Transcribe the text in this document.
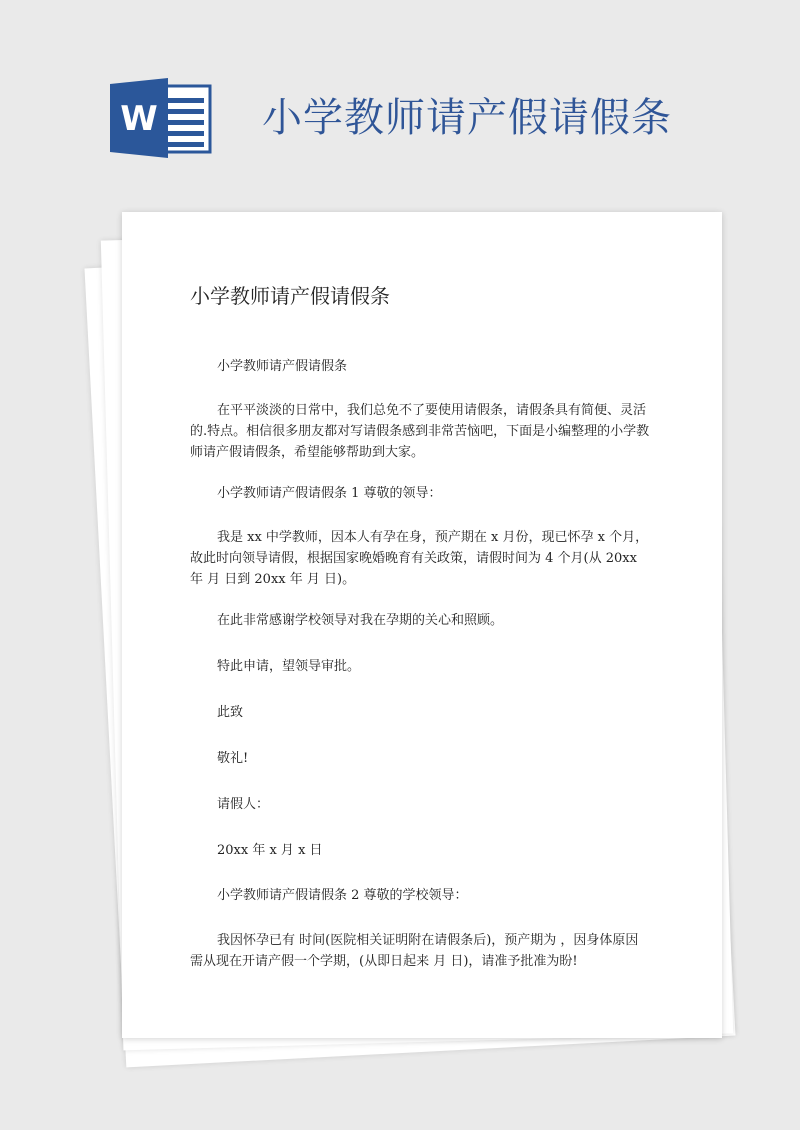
W	小学教师请产假请假条
小学教师请产假请假条
小学教师请产假请假条
在平平淡淡的日常中，我们总免不了要使用请假条，请假条具有简便、灵活的.特点。相信很多朋友都对写请假条感到非常苦恼吧，下面是小编整理的小学教师请产假请假条，希望能够帮助到大家。
小学教师请产假请假条 1 尊敬的领导：
我是 xx 中学教师，因本人有孕在身，预产期在 x 月份，现已怀孕 x 个月，故此时向领导请假，根据国家晚婚晚育有关政策，请假时间为 4 个月(从 20xx 年 月 日到 20xx 年 月 日)。
在此非常感谢学校领导对我在孕期的关心和照顾。
特此申请，望领导审批。
此致
敬礼!
请假人：
20xx 年 x 月 x 日
小学教师请产假请假条 2 尊敬的学校领导：
我因怀孕已有 时间(医院相关证明附在请假条后)，预产期为 ，因身体原因需从现在开请产假一个学期，(从即日起来 月 日)，请准予批准为盼!
